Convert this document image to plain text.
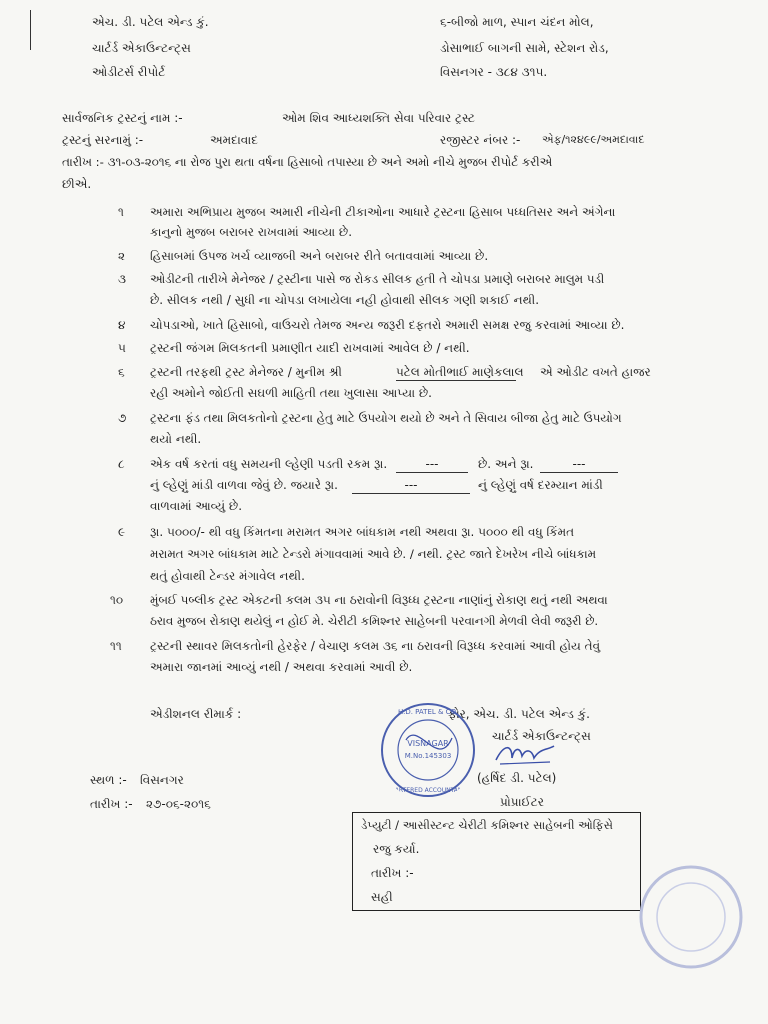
એચ. ડી. પટેલ એન્ડ કું.
ચાર્ટર્ડ એકાઉન્ટન્ટ્સ
ઓડીટર્સ રીપોર્ટ
૬-બીજો માળ, સ્પાન ચંદન મોલ,
ડોસાભાઈ બાગની સામે, સ્ટેશન રોડ,
વિસનગર - ૩૮૪ ૩૧૫.
સાર્વજનિક ટ્રસ્ટનું નામ :-	ઓમ શિવ આધ્યશક્તિ સેવા પરિવાર ટ્રસ્ટ
ટ્રસ્ટનું સરનામું :-	અમદાવાદ	રજીસ્ટર નંબર :- એફ/૧૨૪૯૯/અમદાવાદ
તારીખ :- ૩૧-૦૩-૨૦૧૬ ના રોજ પુરા થતા વર્ષના હિસાબો તપાસ્યા છે અને અમો નીચે મુજબ રીપોર્ટ કરીએ
છીએ.
૧	અમારા અભિપ્રાય મુજબ અમારી નીચેની ટીકાઓના આધારે ટ્રસ્ટના હિસાબ પધ્ધતિસર અને અંગેના
કાનુનો મુજબ બરાબર રાખવામાં આવ્યા છે.
૨	હિસાબમાં ઉપજ ખર્ચ વ્યાજબી અને બરાબર રીતે બતાવવામાં આવ્યા છે.
૩	ઓડીટની તારીખે મેનેજર / ટ્રસ્ટીના પાસે જ રોકડ સીલક હતી તે ચોપડા પ્રમાણે બરાબર માલુમ પડી
છે. સીલક નથી / સુધી ના ચોપડા લખાયેલા નહી હોવાથી સીલક ગણી શકાઈ નથી.
૪	ચોપડાઓ, ખાતે હિસાબો, વાઉચરો તેમજ અન્ય જરૂરી દફતરો અમારી સમક્ષ રજુ કરવામાં આવ્યા છે.
૫	ટ્રસ્ટની જંગમ મિલકતની પ્રમાણીત યાદી રાખવામાં આવેલ છે / નથી.
૬	ટ્રસ્ટની તરફથી ટ્રસ્ટ મેનેજર / મુનીમ શ્રી	પટેલ મોતીભાઈ માણેકલાલ એ ઓડીટ વખતે હાજર
રહી અમોને જોઈતી સઘળી માહિતી તથા ખુલાસા આપ્યા છે.
૭	ટ્રસ્ટના ફંડ તથા મિલકતોનો ટ્રસ્ટના હેતુ માટે ઉપયોગ થયો છે અને તે સિવાય બીજા હેતુ માટે ઉપયોગ
થયો નથી.
૮	એક વર્ષ કરતાં વધુ સમયની લ્હેણી પડતી રકમ રૂા.	---	છે. અને રૂા.	---
નું લ્હેણું માંડી વાળવા જેવું છે. જયારે રૂા.	---	નું લ્હેણું વર્ષ દરમ્યાન માંડી
વાળવામાં આવ્યું છે.
૯	રૂા. ૫૦૦૦/- થી વધુ કિંમતના મરામત અગર બાંધકામ નથી અથવા રૂા. ૫૦૦૦ થી વધુ કિંમત
મરામત અગર બાંધકામ માટે ટેન્ડરો મંગાવવામાં આવે છે. / નથી. ટ્રસ્ટ જાતે દેખરેખ નીચે બાંધકામ
થતું હોવાથી ટેન્ડર મંગાવેલ નથી.
૧૦	મુંબઈ પબ્લીક ટ્રસ્ટ એકટની કલમ ૩૫ ના ઠરાવોની વિરૂધ્ધ ટ્રસ્ટના નાણાંનું રોકાણ થતું નથી અથવા
ઠરાવ મુજબ રોકાણ થયેલું ન હોઈ મે. ચેરીટી કમિશ્નર સાહેબની પરવાનગી મેળવી લેવી જરૂરી છે.
૧૧	ટ્રસ્ટની સ્થાવર મિલકતોની હેરફેર / વેચાણ કલમ ૩૬ ના ઠરાવની વિરૂધ્ધ કરવામાં આવી હોય તેવું
અમારા જાનમાં આવ્યું નથી / અથવા કરવામાં આવી છે.
એડીશનલ રીમાર્ક :	ફોર, એચ. ડી. પટેલ એન્ડ કું.
ચાર્ટર્ડ એકાઉન્ટન્ટ્સ
(હર્ષિદ ડી. પટેલ)
પ્રોપ્રાઈટર
H.D. PATEL & CO.
VISNAGAR
M.No.145303
CHARTERED ACCOUNTANTS
સ્થળ :- વિસનગર
તારીખ :- ૨૭-૦૬-૨૦૧૬
ડેપ્યુટી / આસીસ્ટન્ટ ચેરીટી કમિશ્નર સાહેબની ઓફિસે
રજુ કર્યા.
તારીખ :-
સહી
